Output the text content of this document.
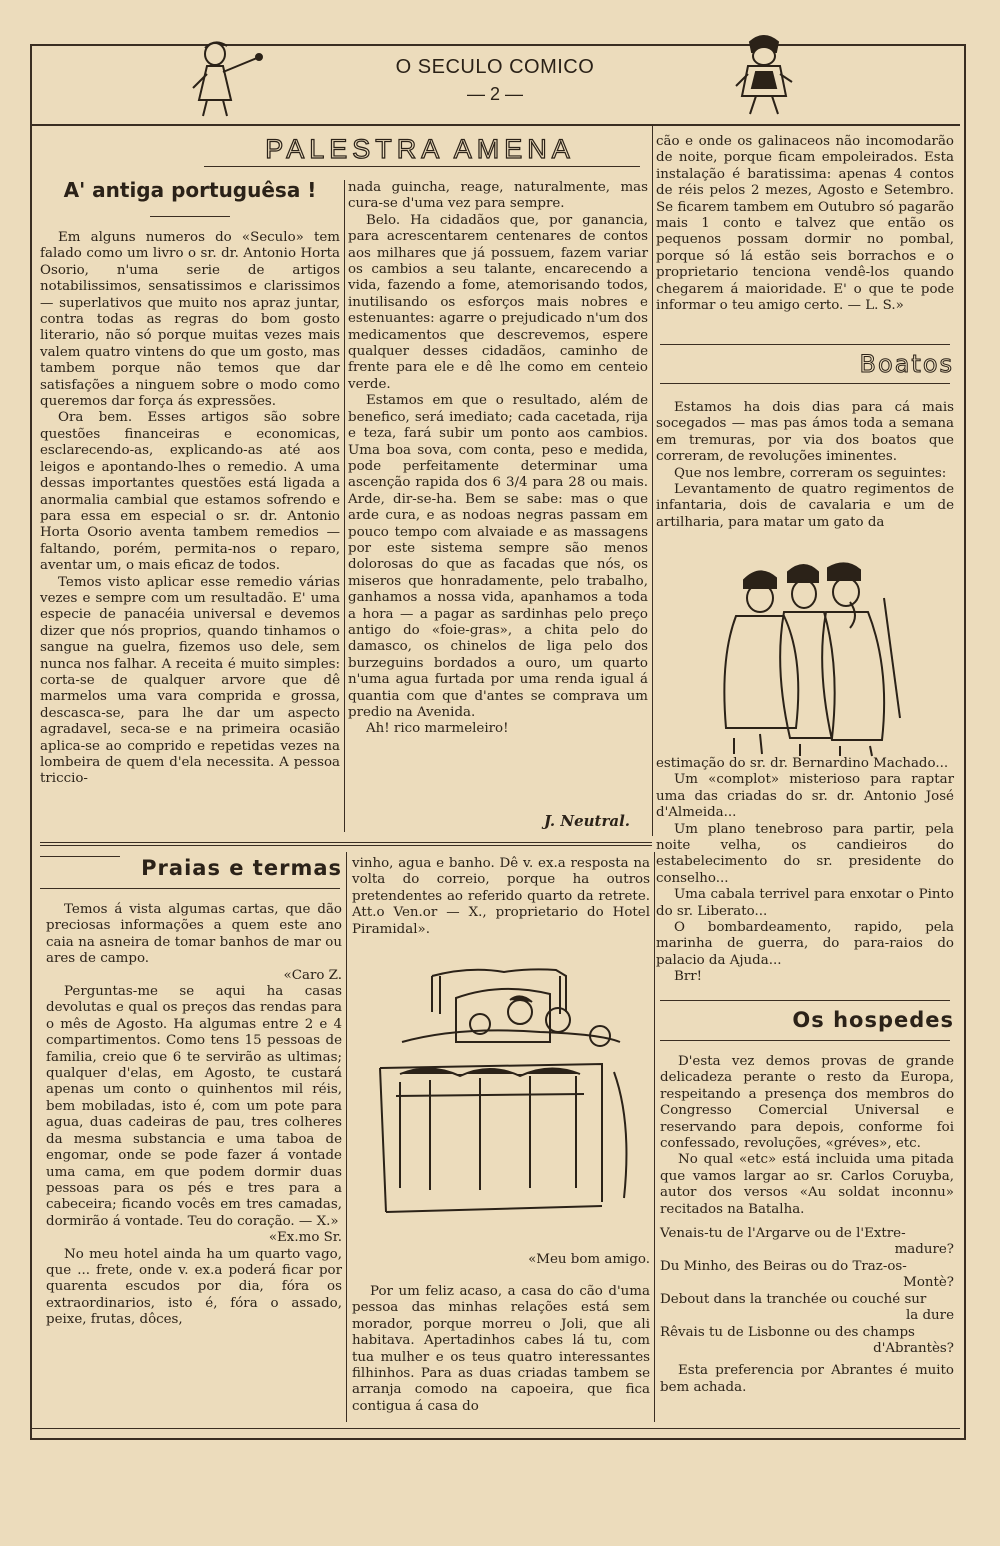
O SECULO COMICO
— 2 —
PALESTRA AMENA
A' antiga portuguêsa !

Em alguns numeros do «Seculo» tem falado como um livro o sr. dr. Antonio Horta Osorio, n'uma serie de artigos notabilissimos, sensatissimos e clarissimos — superlativos que muito nos apraz juntar, contra todas as regras do bom gosto literario, não só porque muitas vezes mais valem quatro vintens do que um gosto, mas tambem porque não temos que dar satisfações a ninguem sobre o modo como queremos dar força ás expressões.

Ora bem. Esses artigos são sobre questões financeiras e economicas, esclarecendo-as, explicando-as até aos leigos e apontando-lhes o remedio. A uma dessas importantes questões está ligada a anormalia cambial que estamos sofrendo e para essa em especial o sr. dr. Antonio Horta Osorio aventa tambem remedios — faltando, porém, permita-nos o reparo, aventar um, o mais eficaz de todos.

Temos visto aplicar esse remedio várias vezes e sempre com um resultadão. E' uma especie de panacéia universal e devemos dizer que nós proprios, quando tinhamos o sangue na guelra, fizemos uso dele, sem nunca nos falhar. A receita é muito simples: corta-se de qualquer arvore que dê marmelos uma vara comprida e grossa, descasca-se, para lhe dar um aspecto agradavel, seca-se e na primeira ocasião aplica-se ao comprido e repetidas vezes na lombeira de quem d'ela necessita. A pessoa triccio-

nada guincha, reage, naturalmente, mas cura-se d'uma vez para sempre.

Belo. Ha cidadãos que, por ganancia, para acrescentarem centenares de contos aos milhares que já possuem, fazem variar os cambios a seu talante, encarecendo a vida, fazendo a fome, atemorisando todos, inutilisando os esforços mais nobres e estenuantes: agarre o prejudicado n'um dos medicamentos que descrevemos, espere qualquer desses cidadãos, caminho de frente para ele e dê lhe como em centeio verde.

Estamos em que o resultado, além de benefico, será imediato; cada cacetada, rija e teza, fará subir um ponto aos cambios. Uma boa sova, com conta, peso e medida, pode perfeitamente determinar uma ascenção rapida dos 6 3/4 para 28 ou mais. Arde, dir-se-ha. Bem se sabe: mas o que arde cura, e as nodoas negras passam em pouco tempo com alvaiade e as massagens por este sistema sempre são menos dolorosas do que as facadas que nós, os miseros que honradamente, pelo trabalho, ganhamos a nossa vida, apanhamos a toda a hora — a pagar as sardinhas pelo preço antigo do «foie-gras», a chita pelo do damasco, os chinelos de liga pelo dos burzeguins bordados a ouro, um quarto n'uma agua furtada por uma renda igual á quantia com que d'antes se comprava um predio na Avenida.

Ah! rico marmeleiro!

J. Neutral.

cão e onde os galinaceos não incomodarão de noite, porque ficam empoleirados. Esta instalação é baratissima: apenas 4 contos de réis pelos 2 mezes, Agosto e Setembro. Se ficarem tambem em Outubro só pagarão mais 1 conto e talvez que então os pequenos possam dormir no pombal, porque só lá estão seis borrachos e o proprietario tenciona vendê-los quando chegarem á maioridade. E' o que te pode informar o teu amigo certo. — L. S.»

Boatos

Estamos ha dois dias para cá mais socegados — mas pas ámos toda a semana em tremuras, por via dos boatos que correram, de revoluções iminentes.

Que nos lembre, correram os seguintes:

Levantamento de quatro regimentos de infantaria, dois de cavalaria e um de artilharia, para matar um gato da

estimação do sr. dr. Bernardino Machado...

Um «complot» misterioso para raptar uma das criadas do sr. dr. Antonio José d'Almeida...

Um plano tenebroso para partir, pela noite velha, os candieiros do estabelecimento do sr. presidente do conselho...

Uma cabala terrivel para enxotar o Pinto do sr. Liberato...

O bombardeamento, rapido, pela marinha de guerra, do para-raios do palacio da Ajuda...

Brr!

Praias e termas

Temos á vista algumas cartas, que dão preciosas informações a quem este ano caia na asneira de tomar banhos de mar ou ares de campo.

«Caro Z.

Perguntas-me se aqui ha casas devolutas e qual os preços das rendas para o mês de Agosto. Ha algumas entre 2 e 4 compartimentos. Como tens 15 pessoas de familia, creio que 6 te servirão as ultimas; qualquer d'elas, em Agosto, te custará apenas um conto o quinhentos mil réis, bem mobiladas, isto é, com um pote para agua, duas cadeiras de pau, tres colheres da mesma substancia e uma taboa de engomar, onde se pode fazer á vontade uma cama, em que podem dormir duas pessoas para os pés e tres para a cabeceira; ficando vocês em tres camadas, dormirão á vontade. Teu do coração. — X.»

«Ex.mo Sr.

No meu hotel ainda ha um quarto vago, que ... frete, onde v. ex.a poderá ficar por quarenta escudos por dia, fóra os extraordinarios, isto é, fóra o assado, peixe, frutas, dôces,

vinho, agua e banho. Dê v. ex.a resposta na volta do correio, porque ha outros pretendentes ao referido quarto da retrete. Att.o Ven.or — X., proprietario do Hotel Piramidal».

«Meu bom amigo.

Por um feliz acaso, a casa do cão d'uma pessoa das minhas relações está sem morador, porque morreu o Joli, que ali habitava. Apertadinhos cabes lá tu, com tua mulher e os teus quatro interessantes filhinhos. Para as duas criadas tambem se arranja comodo na capoeira, que fica contigua á casa do

Os hospedes

D'esta vez demos provas de grande delicadeza perante o resto da Europa, respeitando a presença dos membros do Congresso Comercial Universal e reservando para depois, conforme foi confessado, revoluções, «gréves», etc.

No qual «etc» está incluida uma pitada que vamos largar ao sr. Carlos Coruyba, autor dos versos «Au soldat inconnu» recitados na Batalha.

Venais-tu de l'Argarve ou de l'Extre-

madure?

Du Minho, des Beiras ou do Traz-os-

Montè?

Debout dans la tranchée ou couché sur

la dure

Rêvais tu de Lisbonne ou des champs

d'Abrantès?

Esta preferencia por Abrantes é muito bem achada.
